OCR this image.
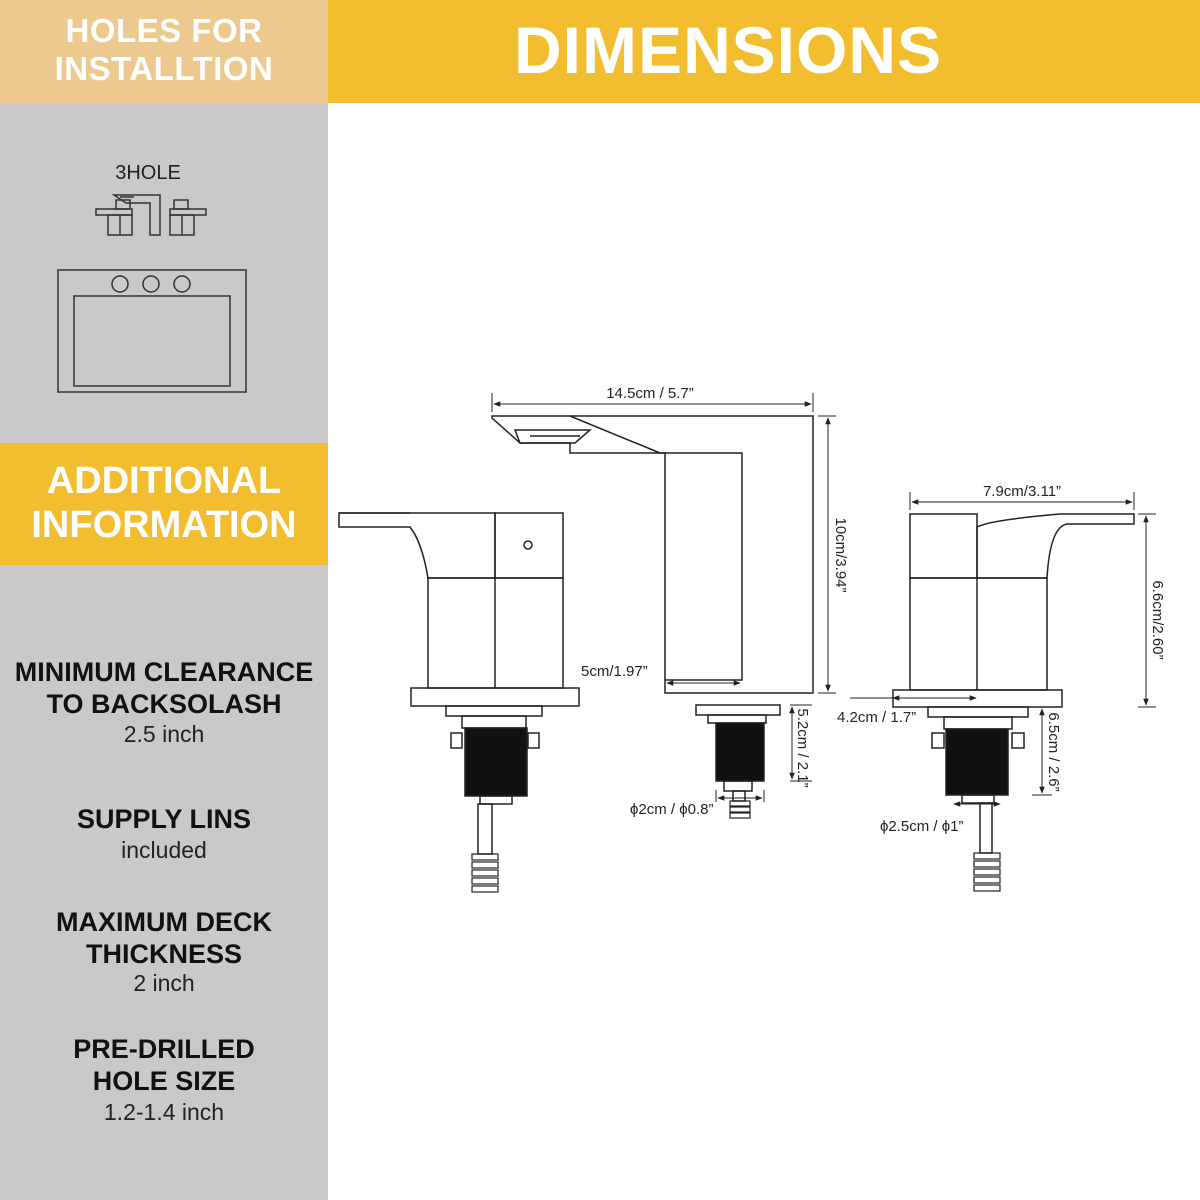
HOLES FOR
INSTALLTION
3HOLE
ADDITIONAL
INFORMATION
MINIMUM CLEARANCE
TO BACKSOLASH
2.5 inch
SUPPLY LINS
included
MAXIMUM DECK
THICKNESS
2 inch
PRE-DRILLED
HOLE SIZE
1.2-1.4 inch
DIMENSIONS
14.5cm / 5.7”
10cm/3.94”
5cm/1.97”
5.2cm / 2.1”
ϕ2cm / ϕ0.8”
7.9cm/3.11”
6.6cm/2.60”
4.2cm / 1.7”	6.5cm / 2.6”
ϕ2.5cm / ϕ1”
